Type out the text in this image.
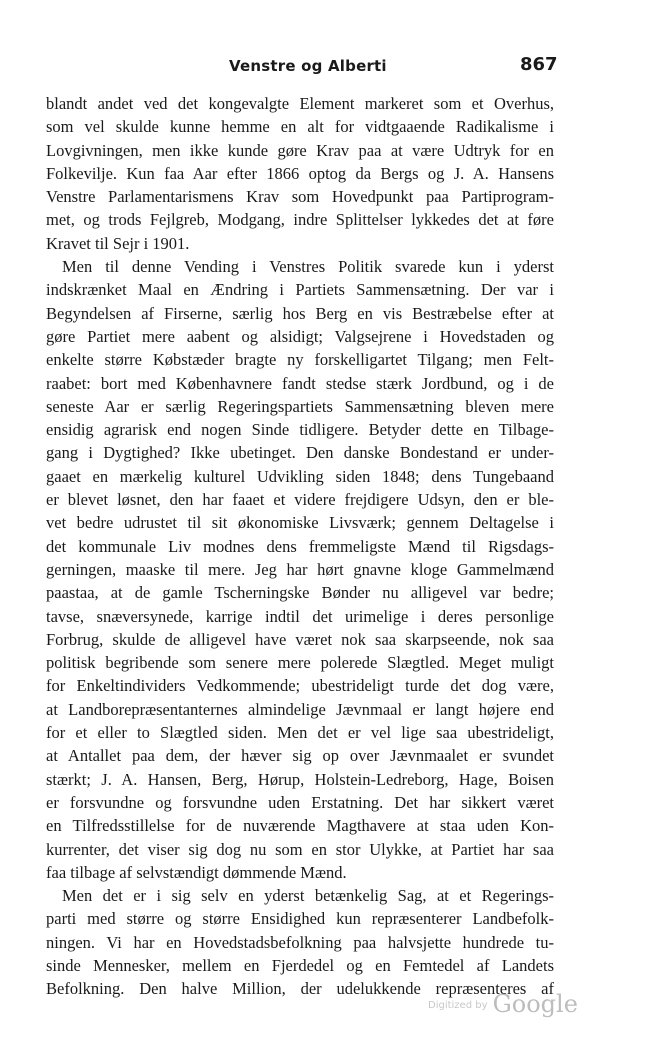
Venstre og Alberti	867
blandt andet ved det kongevalgte Element markeret som et Overhus,
som vel skulde kunne hemme en alt for vidtgaaende Radikalisme i
Lovgivningen, men ikke kunde gøre Krav paa at være Udtryk for en
Folkevilje. Kun faa Aar efter 1866 optog da Bergs og J. A. Hansens
Venstre Parlamentarismens Krav som Hovedpunkt paa Partiprogram-
met, og trods Fejlgreb, Modgang, indre Splittelser lykkedes det at føre
Kravet til Sejr i 1901.
Men til denne Vending i Venstres Politik svarede kun i yderst
indskrænket Maal en Ændring i Partiets Sammensætning. Der var i
Begyndelsen af Firserne, særlig hos Berg en vis Bestræbelse efter at
gøre Partiet mere aabent og alsidigt; Valgsejrene i Hovedstaden og
enkelte større Købstæder bragte ny forskelligartet Tilgang; men Felt-
raabet: bort med Københavnere fandt stedse stærk Jordbund, og i de
seneste Aar er særlig Regeringspartiets Sammensætning bleven mere
ensidig agrarisk end nogen Sinde tidligere. Betyder dette en Tilbage-
gang i Dygtighed? Ikke ubetinget. Den danske Bondestand er under-
gaaet en mærkelig kulturel Udvikling siden 1848; dens Tungebaand
er blevet løsnet, den har faaet et videre frejdigere Udsyn, den er ble-
vet bedre udrustet til sit økonomiske Livsværk; gennem Deltagelse i
det kommunale Liv modnes dens fremmeligste Mænd til Rigsdags-
gerningen, maaske til mere. Jeg har hørt gnavne kloge Gammelmænd
paastaa, at de gamle Tscherningske Bønder nu alligevel var bedre;
tavse, snæversynede, karrige indtil det urimelige i deres personlige
Forbrug, skulde de alligevel have været nok saa skarpseende, nok saa
politisk begribende som senere mere polerede Slægtled. Meget muligt
for Enkeltindividers Vedkommende; ubestrideligt turde det dog være,
at Landborepræsentanternes almindelige Jævnmaal er langt højere end
for et eller to Slægtled siden. Men det er vel lige saa ubestrideligt,
at Antallet paa dem, der hæver sig op over Jævnmaalet er svundet
stærkt; J. A. Hansen, Berg, Hørup, Holstein-Ledreborg, Hage, Boisen
er forsvundne og forsvundne uden Erstatning. Det har sikkert været
en Tilfredsstillelse for de nuværende Magthavere at staa uden Kon-
kurrenter, det viser sig dog nu som en stor Ulykke, at Partiet har saa
faa tilbage af selvstændigt dømmende Mænd.
Men det er i sig selv en yderst betænkelig Sag, at et Regerings-
parti med større og større Ensidighed kun repræsenterer Landbefolk-
ningen. Vi har en Hovedstadsbefolkning paa halvsjette hundrede tu-
sinde Mennesker, mellem en Fjerdedel og en Femtedel af Landets
Befolkning. Den halve Million, der udelukkende repræsenteres af
$^{Digitized by}$ Google
